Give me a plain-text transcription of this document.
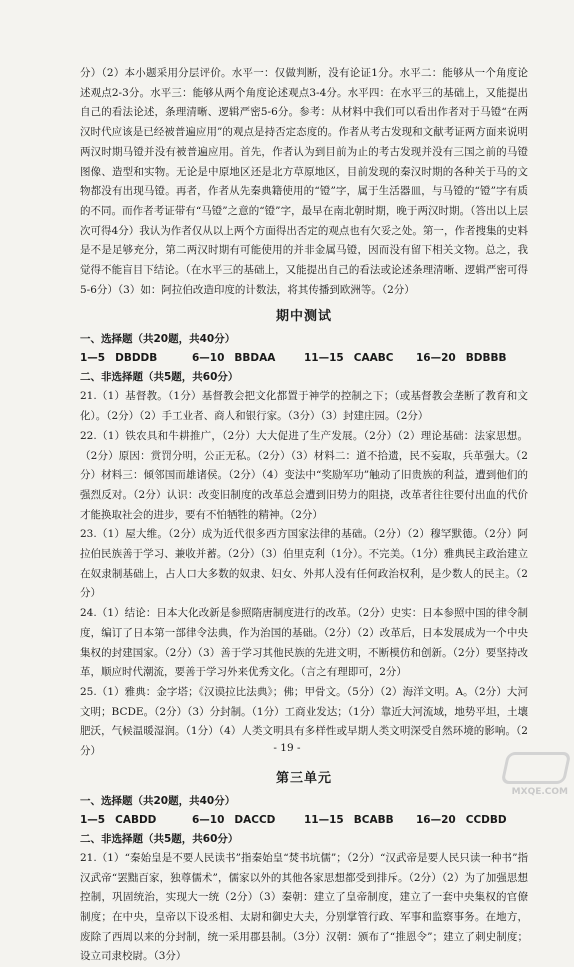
分）（2）本小题采用分层评价。水平一：仅做判断，没有论证1分。水平二：能够从一个角度论述观点2-3分。水平三：能够从两个角度论述观点3-4分。水平四：在水平三的基础上，又能提出自己的看法论述，条理清晰、逻辑严密5-6分。参考：从材料中我们可以看出作者对于马镫“在两汉时代应该是已经被普遍应用”的观点是持否定态度的。作者从考古发现和文献考证两方面来说明两汉时期马镫并没有被普遍应用。首先，作者认为到目前为止的考古发现并没有三国之前的马镫图像、造型和实物。无论是中原地区还是北方草原地区，目前发现的秦汉时期的各种关于马的文物都没有出现马镫。再者，作者从先秦典籍使用的“镫”字，属于生活器皿，与马镫的“镫”字有质的不同。而作者考证带有“马镫”之意的“镫”字，最早在南北朝时期，晚于两汉时期。（答出以上层次可得4分）我认为作者仅从以上两个方面得出否定的观点也有欠妥之处。第一，作者搜集的史料是不是足够充分，第二两汉时期有可能使用的并非金属马镫，因而没有留下相关文物。总之，我觉得不能盲目下结论。（在水平三的基础上，又能提出自己的看法或论述条理清晰、逻辑严密可得5-6分）（3）如：阿拉伯改造印度的计数法，将其传播到欧洲等。（2分）

期中测试
一、选择题（共20题，共40分）
1—5 DBDDB	6—10 BBDAA	11—15 CAABC	16—20 BDBBB
二、非选择题（共5题，共60分）

21.（1）基督教。（1分）基督教会把文化都置于神学的控制之下；（或基督教会垄断了教育和文化）。（2分）（2）手工业者、商人和银行家。（3分）（3）封建庄园。（2分）

22.（1）铁农具和牛耕推广，（2分）大大促进了生产发展。（2分）（2）理论基础：法家思想。（2分）原因：赏罚分明，公正无私。（2分）（3）材料二：道不拾遗，民不妄取，兵革强大。（2分）材料三：倾邻国而雄诸侯。（2分）（4）变法中“奖励军功”触动了旧贵族的利益，遭到他们的强烈反对。（2分）认识：改变旧制度的改革总会遭到旧势力的阻挠，改革者往往要付出血的代价才能换取社会的进步，要有不怕牺牲的精神。（2分）

23.（1）屋大维。（2分）成为近代很多西方国家法律的基础。（2分）（2）穆罕默德。（2分）阿拉伯民族善于学习、兼收并蓄。（2分）（3）伯里克利（1分）。不完美。（1分）雅典民主政治建立在奴隶制基础上，占人口大多数的奴隶、妇女、外邦人没有任何政治权利，是少数人的民主。（2分）

24.（1）结论：日本大化改新是参照隋唐制度进行的改革。（2分）史实：日本参照中国的律令制度，编订了日本第一部律令法典，作为治国的基础。（2分）（2）改革后，日本发展成为一个中央集权的封建国家。（2分）（3）善于学习其他民族的先进文明，不断模仿和创新。（2分）要坚持改革，顺应时代潮流，要善于学习外来优秀文化。（言之有理即可，2分）

25.（1）雅典：金字塔；《汉谟拉比法典》；佛；甲骨文。（5分）（2）海洋文明。A。（2分）大河文明；BCDE。（2分）（3）分封制。（1分）工商业发达；（1分）靠近大河流域，地势平坦，土壤肥沃，气候温暖湿润。（1分）（4）人类文明具有多样性或早期人类文明深受自然环境的影响。（2分）

第三单元
一、选择题（共20题，共40分）
1—5 CABDD	6—10 DACCD	11—15 BCABB	16—20 CCDBD
二、非选择题（共5题，共60分）

21.（1）“秦始皇是不要人民读书”指秦始皇“焚书坑儒”；（2分）“汉武帝是要人民只读一种书”指汉武帝“罢黜百家，独尊儒术”，儒家以外的其他各家思想都受到排斥。（2分）（2）为了加强思想控制，巩固统治，实现大一统（2分）（3）秦朝：建立了皇帝制度，建立了一套中央集权的官僚制度；在中央，皇帝以下设丞相、太尉和御史大夫，分别掌管行政、军事和监察事务。在地方，废除了西周以来的分封制，统一采用郡县制。（3分）汉朝：颁布了“推恩令”；建立了刺史制度；设立司隶校尉。（3分）

- 19 -
MXQE.COM
